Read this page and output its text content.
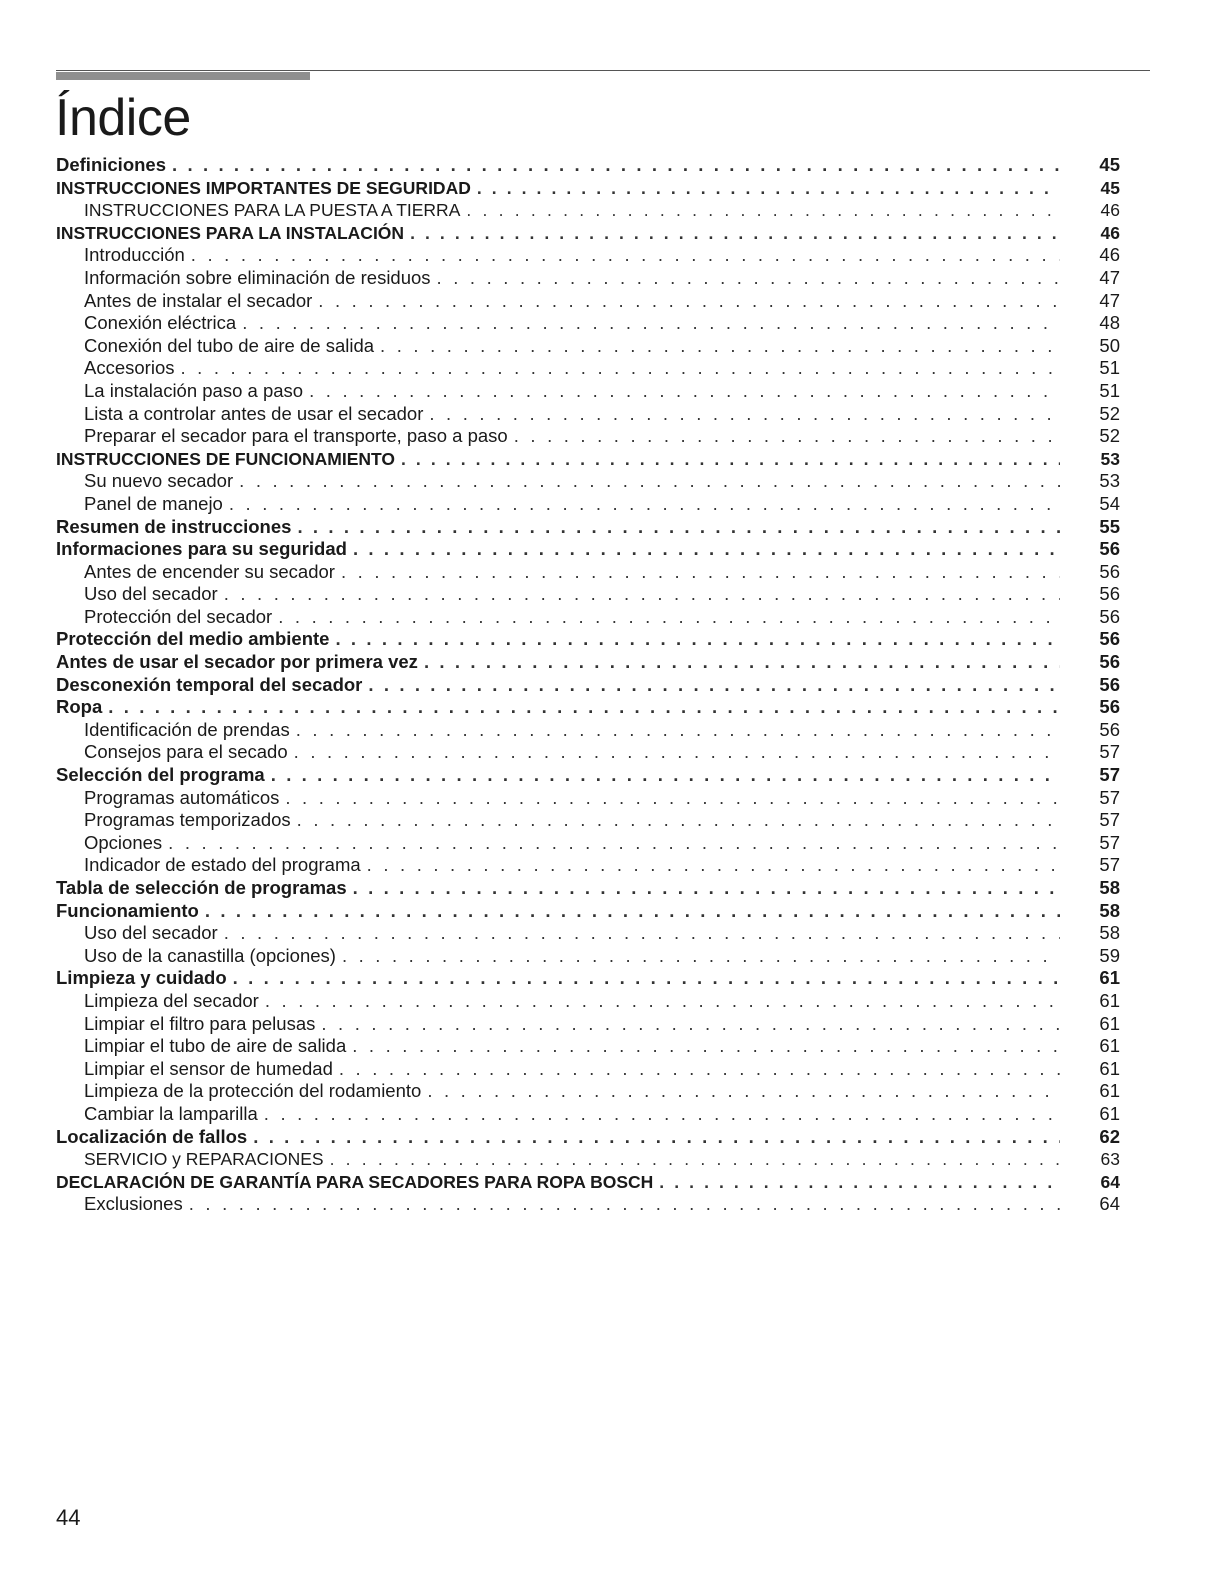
Índice
Definiciones . . .	45
INSTRUCCIONES IMPORTANTES DE SEGURIDAD . . .	45
INSTRUCCIONES PARA LA PUESTA A TIERRA . . .	46
INSTRUCCIONES PARA LA INSTALACIÓN . . .	46
Introducción . . .	46
Información sobre eliminación de residuos . . .	47
Antes de instalar el secador . . .	47
Conexión eléctrica . . .	48
Conexión del tubo de aire de salida . . .	50
Accesorios . . .	51
La instalación paso a paso . . .	51
Lista a controlar antes de usar el secador . . .	52
Preparar el secador para el transporte, paso a paso . . .	52
INSTRUCCIONES DE FUNCIONAMIENTO . . .	53
Su nuevo secador . . .	53
Panel de manejo . . .	54
Resumen de instrucciones . . .	55
Informaciones para su seguridad . . .	56
Antes de encender su secador . . .	56
Uso del secador . . .	56
Protección del secador . . .	56
Protección del medio ambiente . . .	56
Antes de usar el secador por primera vez . . .	56
Desconexión temporal del secador . . .	56
Ropa . . .	56
Identificación de prendas . . .	56
Consejos para el secado . . .	57
Selección del programa . . .	57
Programas automáticos . . .	57
Programas temporizados . . .	57
Opciones . . .	57
Indicador de estado del programa . . .	57
Tabla de selección de programas . . .	58
Funcionamiento . . .	58
Uso del secador . . .	58
Uso de la canastilla (opciones) . . .	59
Limpieza y cuidado . . .	61
Limpieza del secador . . .	61
Limpiar el filtro para pelusas . . .	61
Limpiar el tubo de aire de salida . . .	61
Limpiar el sensor de humedad . . .	61
Limpieza de la protección del rodamiento . . .	61
Cambiar la lamparilla . . .	61
Localización de fallos . . .	62
SERVICIO y REPARACIONES . . .	63
DECLARACIÓN DE GARANTÍA PARA SECADORES PARA ROPA BOSCH . . .	64
Exclusiones . . .	64
44
